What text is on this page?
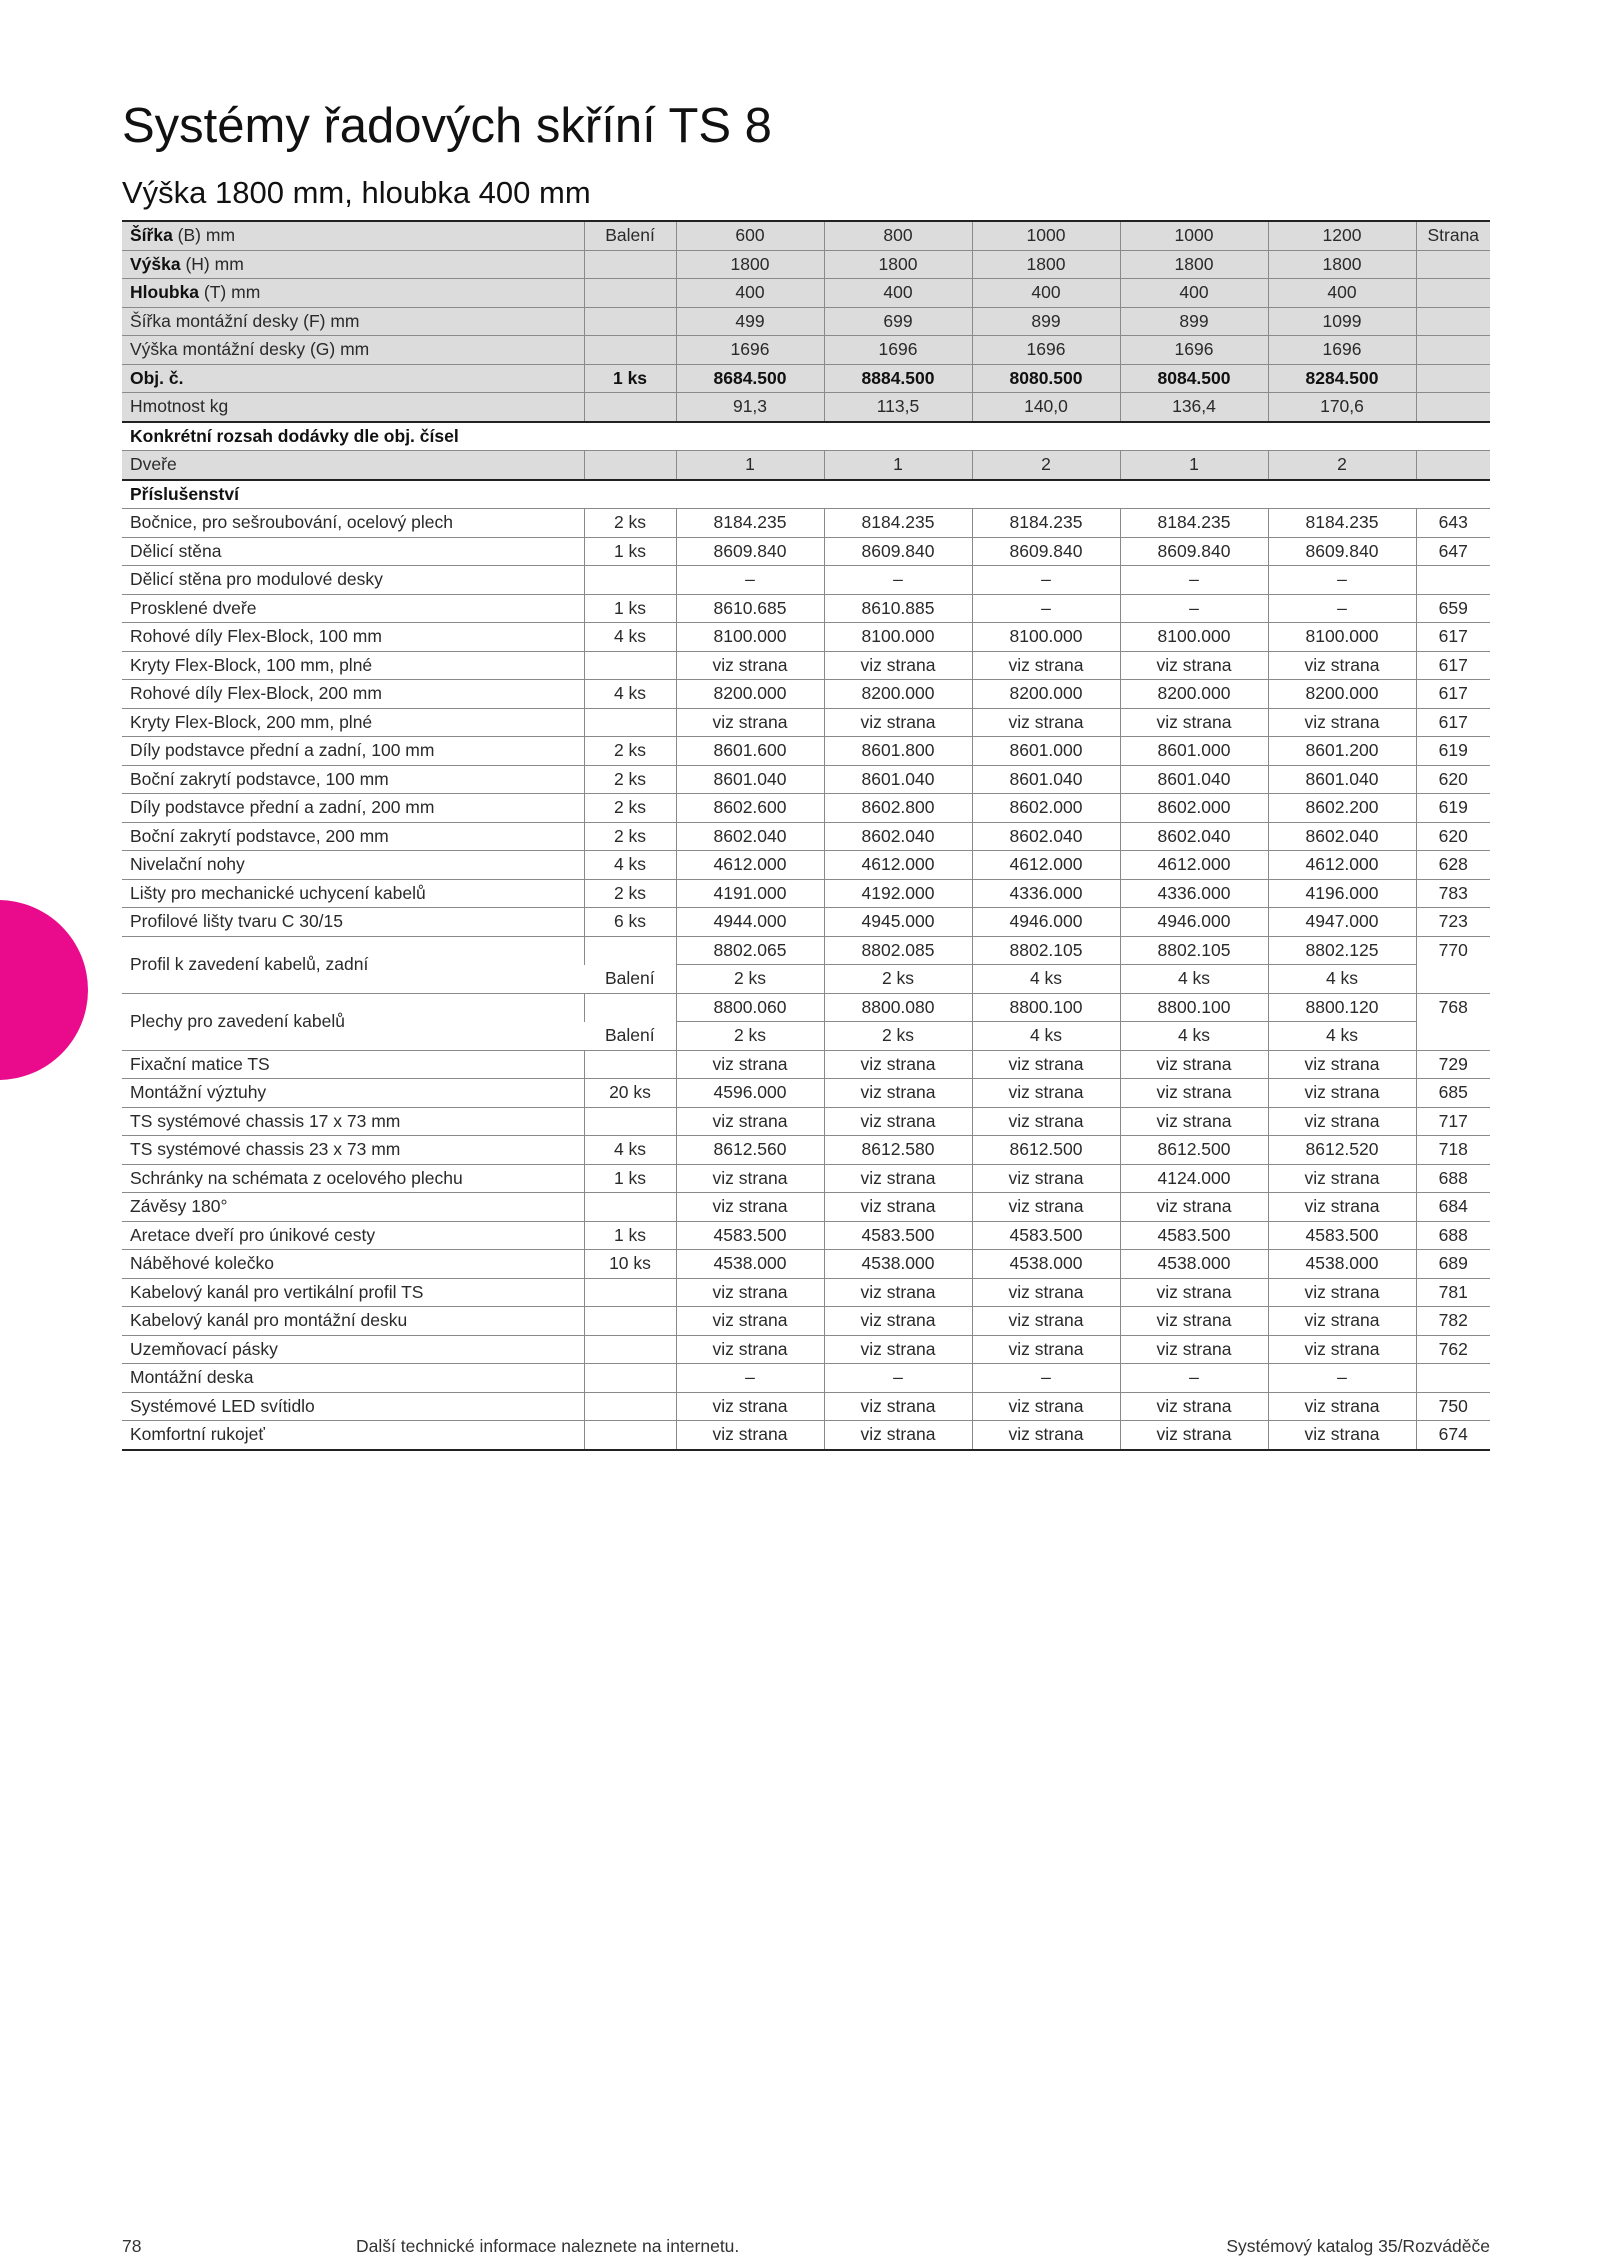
Systémy řadových skříní TS 8
Výška 1800 mm, hloubka 400 mm
Šířka (B) mm	Balení	600	800	1000	1000	1200	Strana
Výška (H) mm		1800	1800	1800	1800	1800	
Hloubka (T) mm		400	400	400	400	400	
Šířka montážní desky (F) mm		499	699	899	899	1099	
Výška montážní desky (G) mm		1696	1696	1696	1696	1696	
Obj. č.	1 ks	8684.500	8884.500	8080.500	8084.500	8284.500	
Hmotnost kg		91,3	113,5	140,0	136,4	170,6	
Konkrétní rozsah dodávky dle obj. čísel							
Dveře		1	1	2	1	2	
Příslušenství							
Bočnice, pro sešroubování, ocelový plech	2 ks	8184.235	8184.235	8184.235	8184.235	8184.235	643
Dělicí stěna	1 ks	8609.840	8609.840	8609.840	8609.840	8609.840	647
Dělicí stěna pro modulové desky		–	–	–	–	–	
Prosklené dveře	1 ks	8610.685	8610.885	–	–	–	659
Rohové díly Flex-Block, 100 mm	4 ks	8100.000	8100.000	8100.000	8100.000	8100.000	617
Kryty Flex-Block, 100 mm, plné		viz strana	viz strana	viz strana	viz strana	viz strana	617
Rohové díly Flex-Block, 200 mm	4 ks	8200.000	8200.000	8200.000	8200.000	8200.000	617
Kryty Flex-Block, 200 mm, plné		viz strana	viz strana	viz strana	viz strana	viz strana	617
Díly podstavce přední a zadní, 100 mm	2 ks	8601.600	8601.800	8601.000	8601.000	8601.200	619
Boční zakrytí podstavce, 100 mm	2 ks	8601.040	8601.040	8601.040	8601.040	8601.040	620
Díly podstavce přední a zadní, 200 mm	2 ks	8602.600	8602.800	8602.000	8602.000	8602.200	619
Boční zakrytí podstavce, 200 mm	2 ks	8602.040	8602.040	8602.040	8602.040	8602.040	620
Nivelační nohy	4 ks	4612.000	4612.000	4612.000	4612.000	4612.000	628
Lišty pro mechanické uchycení kabelů	2 ks	4191.000	4192.000	4336.000	4336.000	4196.000	783
Profilové lišty tvaru C 30/15	6 ks	4944.000	4945.000	4946.000	4946.000	4947.000	723
Profil k zavedení kabelů, zadní		8802.065	8802.085	8802.105	8802.105	8802.125	770
	Balení	2 ks	2 ks	4 ks	4 ks	4 ks	
Plechy pro zavedení kabelů		8800.060	8800.080	8800.100	8800.100	8800.120	768
	Balení	2 ks	2 ks	4 ks	4 ks	4 ks	
Fixační matice TS		viz strana	viz strana	viz strana	viz strana	viz strana	729
Montážní výztuhy	20 ks	4596.000	viz strana	viz strana	viz strana	viz strana	685
TS systémové chassis 17 x 73 mm		viz strana	viz strana	viz strana	viz strana	viz strana	717
TS systémové chassis 23 x 73 mm	4 ks	8612.560	8612.580	8612.500	8612.500	8612.520	718
Schránky na schémata z ocelového plechu	1 ks	viz strana	viz strana	viz strana	4124.000	viz strana	688
Závěsy 180°		viz strana	viz strana	viz strana	viz strana	viz strana	684
Aretace dveří pro únikové cesty	1 ks	4583.500	4583.500	4583.500	4583.500	4583.500	688
Náběhové kolečko	10 ks	4538.000	4538.000	4538.000	4538.000	4538.000	689
Kabelový kanál pro vertikální profil TS		viz strana	viz strana	viz strana	viz strana	viz strana	781
Kabelový kanál pro montážní desku		viz strana	viz strana	viz strana	viz strana	viz strana	782
Uzemňovací pásky		viz strana	viz strana	viz strana	viz strana	viz strana	762
Montážní deska		–	–	–	–	–	
Systémové LED svítidlo		viz strana	viz strana	viz strana	viz strana	viz strana	750
Komfortní rukojeť		viz strana	viz strana	viz strana	viz strana	viz strana	674
78	Další technické informace naleznete na internetu.	Systémový katalog 35/Rozváděče
